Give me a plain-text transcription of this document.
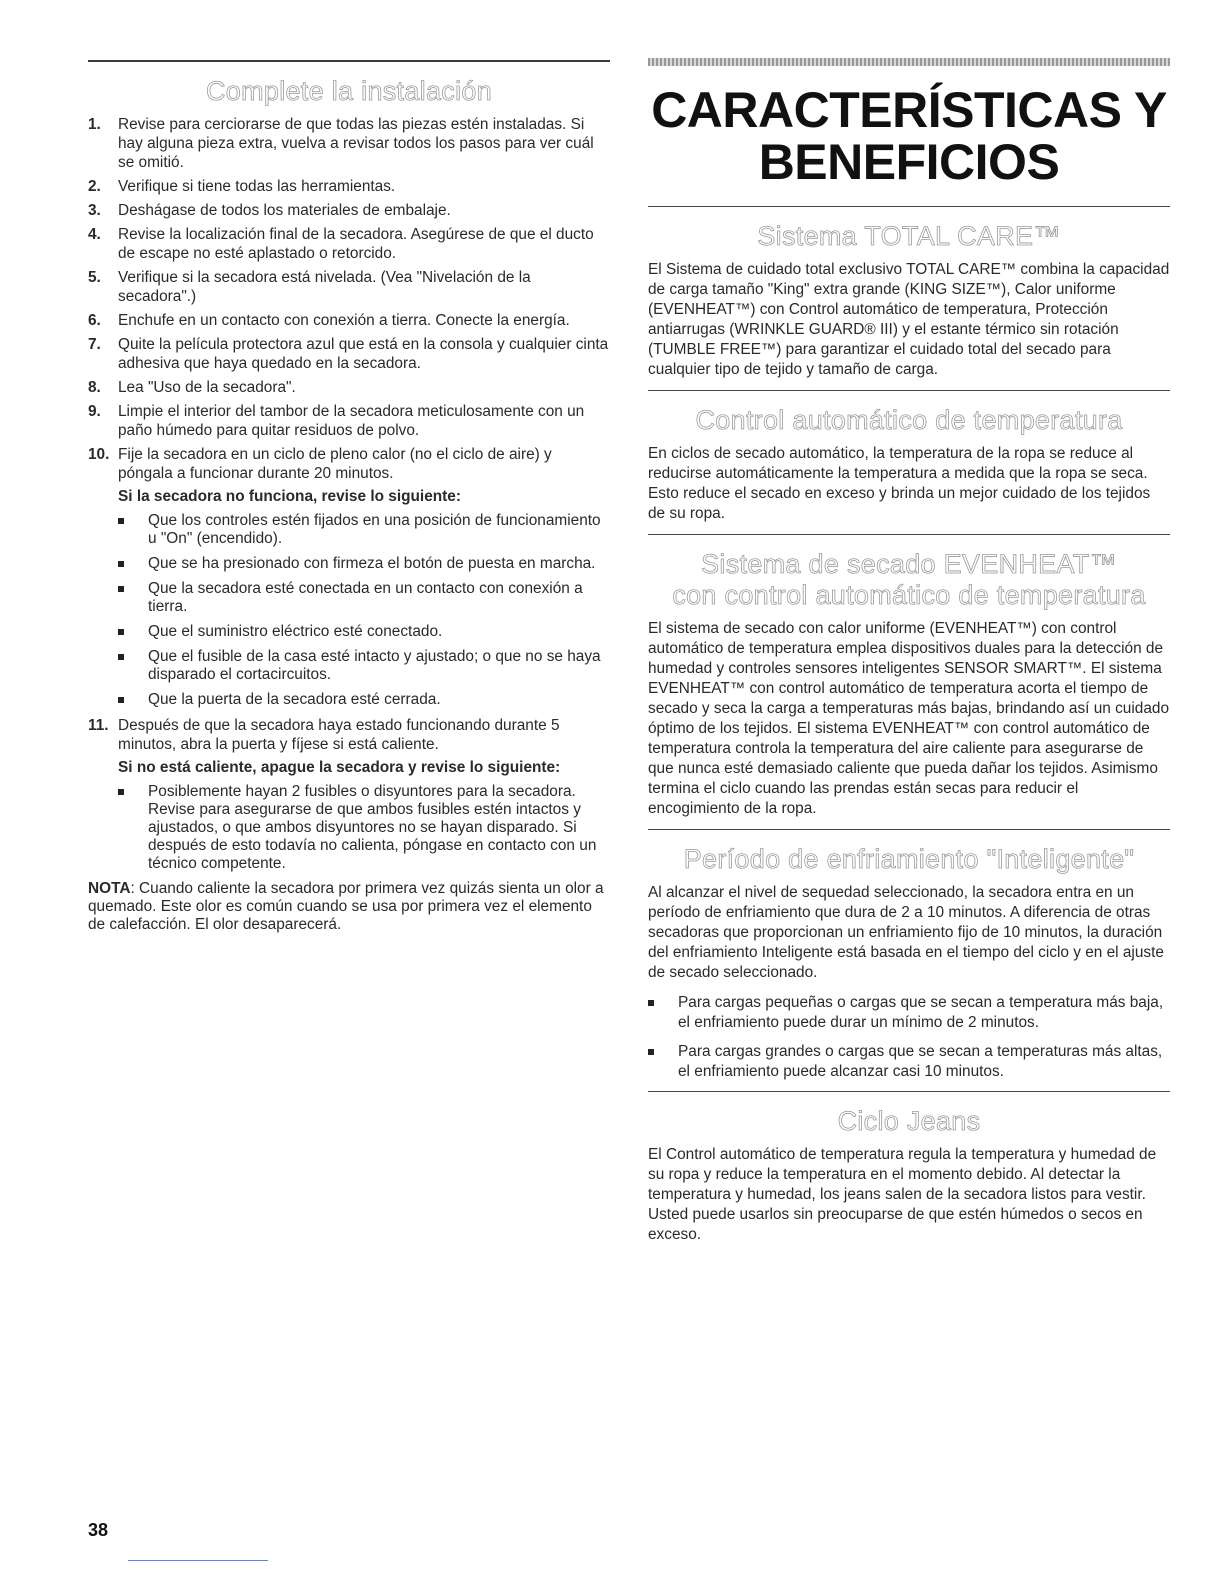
Complete la instalación
1.	Revise para cerciorarse de que todas las piezas estén instaladas. Si hay alguna pieza extra, vuelva a revisar todos los pasos para ver cuál se omitió.
2.	Verifique si tiene todas las herramientas.
3.	Deshágase de todos los materiales de embalaje.
4.	Revise la localización final de la secadora. Asegúrese de que el ducto de escape no esté aplastado o retorcido.
5.	Verifique si la secadora está nivelada. (Vea "Nivelación de la secadora".)
6.	Enchufe en un contacto con conexión a tierra. Conecte la energía.
7.	Quite la película protectora azul que está en la consola y cualquier cinta adhesiva que haya quedado en la secadora.
8.	Lea "Uso de la secadora".
9.	Limpie el interior del tambor de la secadora meticulosamente con un paño húmedo para quitar residuos de polvo.
10. Fije la secadora en un ciclo de pleno calor (no el ciclo de aire) y póngala a funcionar durante 20 minutos.
Si la secadora no funciona, revise lo siguiente:
Que los controles estén fijados en una posición de funcionamiento u "On" (encendido).
Que se ha presionado con firmeza el botón de puesta en marcha.
Que la secadora esté conectada en un contacto con conexión a tierra.
Que el suministro eléctrico esté conectado.
Que el fusible de la casa esté intacto y ajustado; o que no se haya disparado el cortacircuitos.
Que la puerta de la secadora esté cerrada.
11. Después de que la secadora haya estado funcionando durante 5 minutos, abra la puerta y fíjese si está caliente.
Si no está caliente, apague la secadora y revise lo siguiente:
Posiblemente hayan 2 fusibles o disyuntores para la secadora. Revise para asegurarse de que ambos fusibles estén intactos y ajustados, o que ambos disyuntores no se hayan disparado. Si después de esto todavía no calienta, póngase en contacto con un técnico competente.
NOTA: Cuando caliente la secadora por primera vez quizás sienta un olor a quemado. Este olor es común cuando se usa por primera vez el elemento de calefacción. El olor desaparecerá.
CARACTERÍSTICAS Y
BENEFICIOS
Sistema TOTAL CARE™

El Sistema de cuidado total exclusivo TOTAL CARE™ combina la capacidad de carga tamaño "King" extra grande (KING SIZE™), Calor uniforme (EVENHEAT™) con Control automático de temperatura, Protección antiarrugas (WRINKLE GUARD® III) y el estante térmico sin rotación (TUMBLE FREE™) para garantizar el cuidado total del secado para cualquier tipo de tejido y tamaño de carga.

Control automático de temperatura

En ciclos de secado automático, la temperatura de la ropa se reduce al reducirse automáticamente la temperatura a medida que la ropa se seca. Esto reduce el secado en exceso y brinda un mejor cuidado de los tejidos de su ropa.

Sistema de secado EVENHEAT™
con control automático de temperatura

El sistema de secado con calor uniforme (EVENHEAT™) con control automático de temperatura emplea dispositivos duales para la detección de humedad y controles sensores inteligentes SENSOR SMART™. El sistema EVENHEAT™ con control automático de temperatura acorta el tiempo de secado y seca la carga a temperaturas más bajas, brindando así un cuidado óptimo de los tejidos. El sistema EVENHEAT™ con control automático de temperatura controla la temperatura del aire caliente para asegurarse de que nunca esté demasiado caliente que pueda dañar los tejidos. Asimismo termina el ciclo cuando las prendas están secas para reducir el encogimiento de la ropa.

Período de enfriamiento "Inteligente"

Al alcanzar el nivel de sequedad seleccionado, la secadora entra en un período de enfriamiento que dura de 2 a 10 minutos. A diferencia de otras secadoras que proporcionan un enfriamiento fijo de 10 minutos, la duración del enfriamiento Inteligente está basada en el tiempo del ciclo y en el ajuste de secado seleccionado.

Para cargas pequeñas o cargas que se secan a temperatura más baja, el enfriamiento puede durar un mínimo de 2 minutos.
Para cargas grandes o cargas que se secan a temperaturas más altas, el enfriamiento puede alcanzar casi 10 minutos.
Ciclo Jeans

El Control automático de temperatura regula la temperatura y humedad de su ropa y reduce la temperatura en el momento debido. Al detectar la temperatura y humedad, los jeans salen de la secadora listos para vestir. Usted puede usarlos sin preocuparse de que estén húmedos o secos en exceso.

38
